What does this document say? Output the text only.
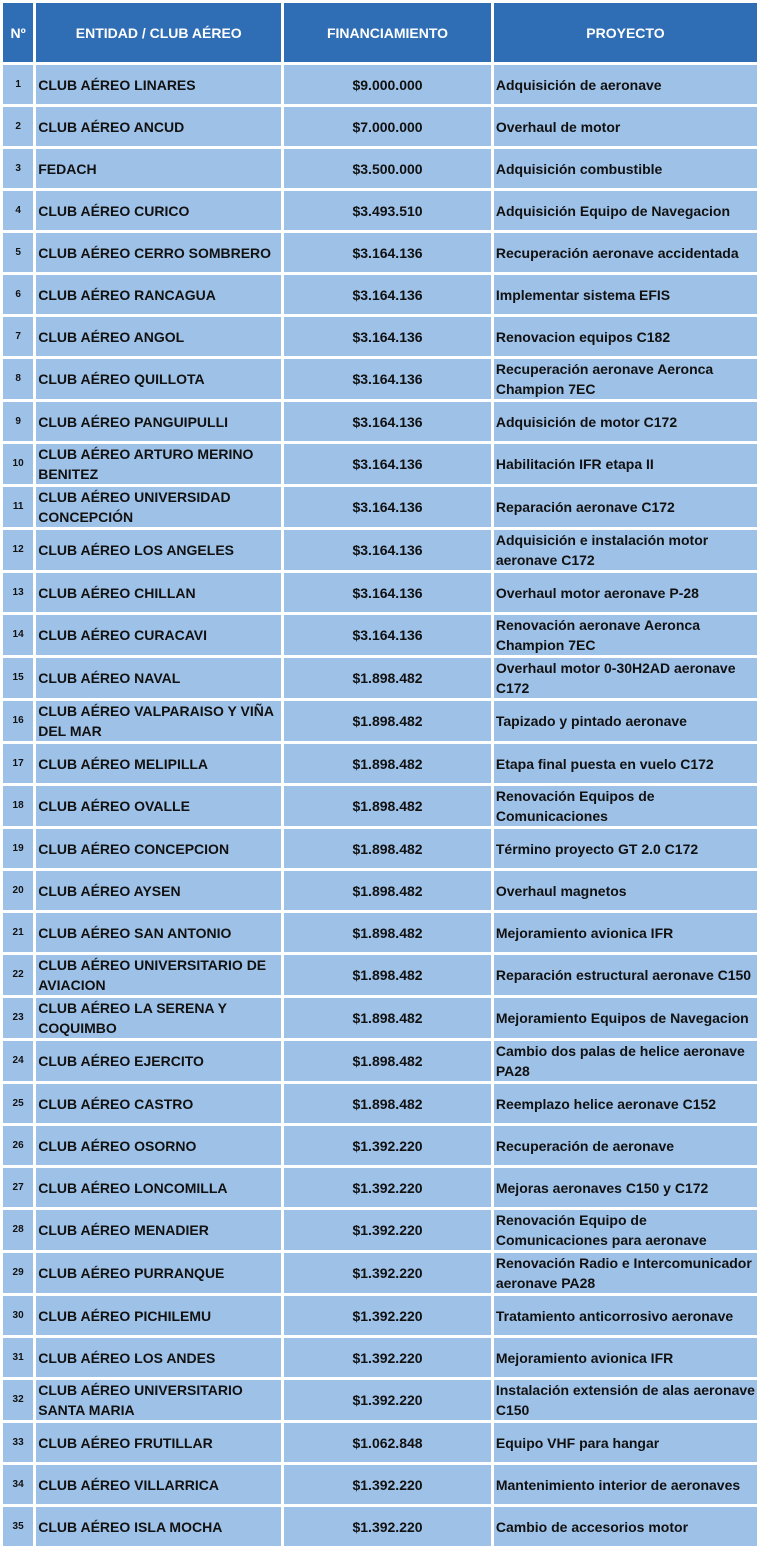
Nº	ENTIDAD / CLUB AÉREO	FINANCIAMIENTO	PROYECTO
1	CLUB AÉREO LINARES	$9.000.000	Adquisición de aeronave
2	CLUB AÉREO ANCUD	$7.000.000	Overhaul de motor
3	FEDACH	$3.500.000	Adquisición combustible
4	CLUB AÉREO CURICO	$3.493.510	Adquisición Equipo de Navegacion
5	CLUB AÉREO CERRO SOMBRERO	$3.164.136	Recuperación aeronave accidentada
6	CLUB AÉREO RANCAGUA	$3.164.136	Implementar sistema EFIS
7	CLUB AÉREO ANGOL	$3.164.136	Renovacion equipos C182
8	CLUB AÉREO QUILLOTA	$3.164.136	Recuperación aeronave Aeronca Champion 7EC
9	CLUB AÉREO PANGUIPULLI	$3.164.136	Adquisición de motor C172
10	CLUB AÉREO ARTURO MERINO BENITEZ	$3.164.136	Habilitación IFR etapa II
11	CLUB AÉREO UNIVERSIDAD CONCEPCIÓN	$3.164.136	Reparación aeronave C172
12	CLUB AÉREO LOS ANGELES	$3.164.136	Adquisición e instalación motor aeronave C172
13	CLUB AÉREO CHILLAN	$3.164.136	Overhaul motor aeronave P-28
14	CLUB AÉREO CURACAVI	$3.164.136	Renovación aeronave Aeronca Champion 7EC
15	CLUB AÉREO NAVAL	$1.898.482	Overhaul motor 0-30H2AD aeronave C172
16	CLUB AÉREO VALPARAISO Y VIÑA DEL MAR	$1.898.482	Tapizado y pintado aeronave
17	CLUB AÉREO MELIPILLA	$1.898.482	Etapa final puesta en vuelo C172
18	CLUB AÉREO OVALLE	$1.898.482	Renovación Equipos de Comunicaciones
19	CLUB AÉREO CONCEPCION	$1.898.482	Término proyecto GT 2.0 C172
20	CLUB AÉREO AYSEN	$1.898.482	Overhaul magnetos
21	CLUB AÉREO SAN ANTONIO	$1.898.482	Mejoramiento avionica IFR
22	CLUB AÉREO UNIVERSITARIO DE AVIACION	$1.898.482	Reparación estructural aeronave C150
23	CLUB AÉREO LA SERENA Y COQUIMBO	$1.898.482	Mejoramiento Equipos de Navegacion
24	CLUB AÉREO EJERCITO	$1.898.482	Cambio dos palas de helice aeronave PA28
25	CLUB AÉREO CASTRO	$1.898.482	Reemplazo helice aeronave C152
26	CLUB AÉREO OSORNO	$1.392.220	Recuperación de aeronave
27	CLUB AÉREO LONCOMILLA	$1.392.220	Mejoras aeronaves C150 y C172
28	CLUB AÉREO MENADIER	$1.392.220	Renovación Equipo de Comunicaciones para aeronave
29	CLUB AÉREO PURRANQUE	$1.392.220	Renovación Radio e Intercomunicador aeronave PA28
30	CLUB AÉREO PICHILEMU	$1.392.220	Tratamiento anticorrosivo aeronave
31	CLUB AÉREO LOS ANDES	$1.392.220	Mejoramiento avionica IFR
32	CLUB AÉREO UNIVERSITARIO SANTA MARIA	$1.392.220	Instalación extensión de alas aeronave C150
33	CLUB AÉREO FRUTILLAR	$1.062.848	Equipo VHF para hangar
34	CLUB AÉREO VILLARRICA	$1.392.220	Mantenimiento interior de aeronaves
35	CLUB AÉREO ISLA MOCHA	$1.392.220	Cambio de accesorios motor
